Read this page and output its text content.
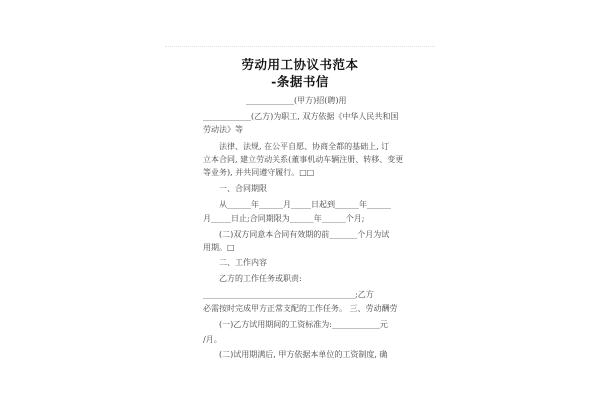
劳动用工协议书范本
-条据书信
____________(甲方)招(聘)用
____________(乙方)为职工, 双方依据《中华人民共和国
劳动法》等
法律、法规, 在公平自愿、协商全都的基础上, 订
立本合同, 建立劳动关系(董事机动车辆注册、转移、变更
等业务), 并共同遵守履行。□□
一、合同期限
从______年______月_____日起到______年______
月_____日止;合同期限为______年______个月;
(二)双方同意本合同有效期的前_______个月为试
用期。□
二、工作内容
乙方的工作任务或职责:
______________________________________;乙方
必需按时完成甲方正常支配的工作任务。 三、劳动酬劳
(一)乙方试用期间的工资标准为:____________元
/月。
(二)试用期满后, 甲方依据本单位的工资制度, 确
